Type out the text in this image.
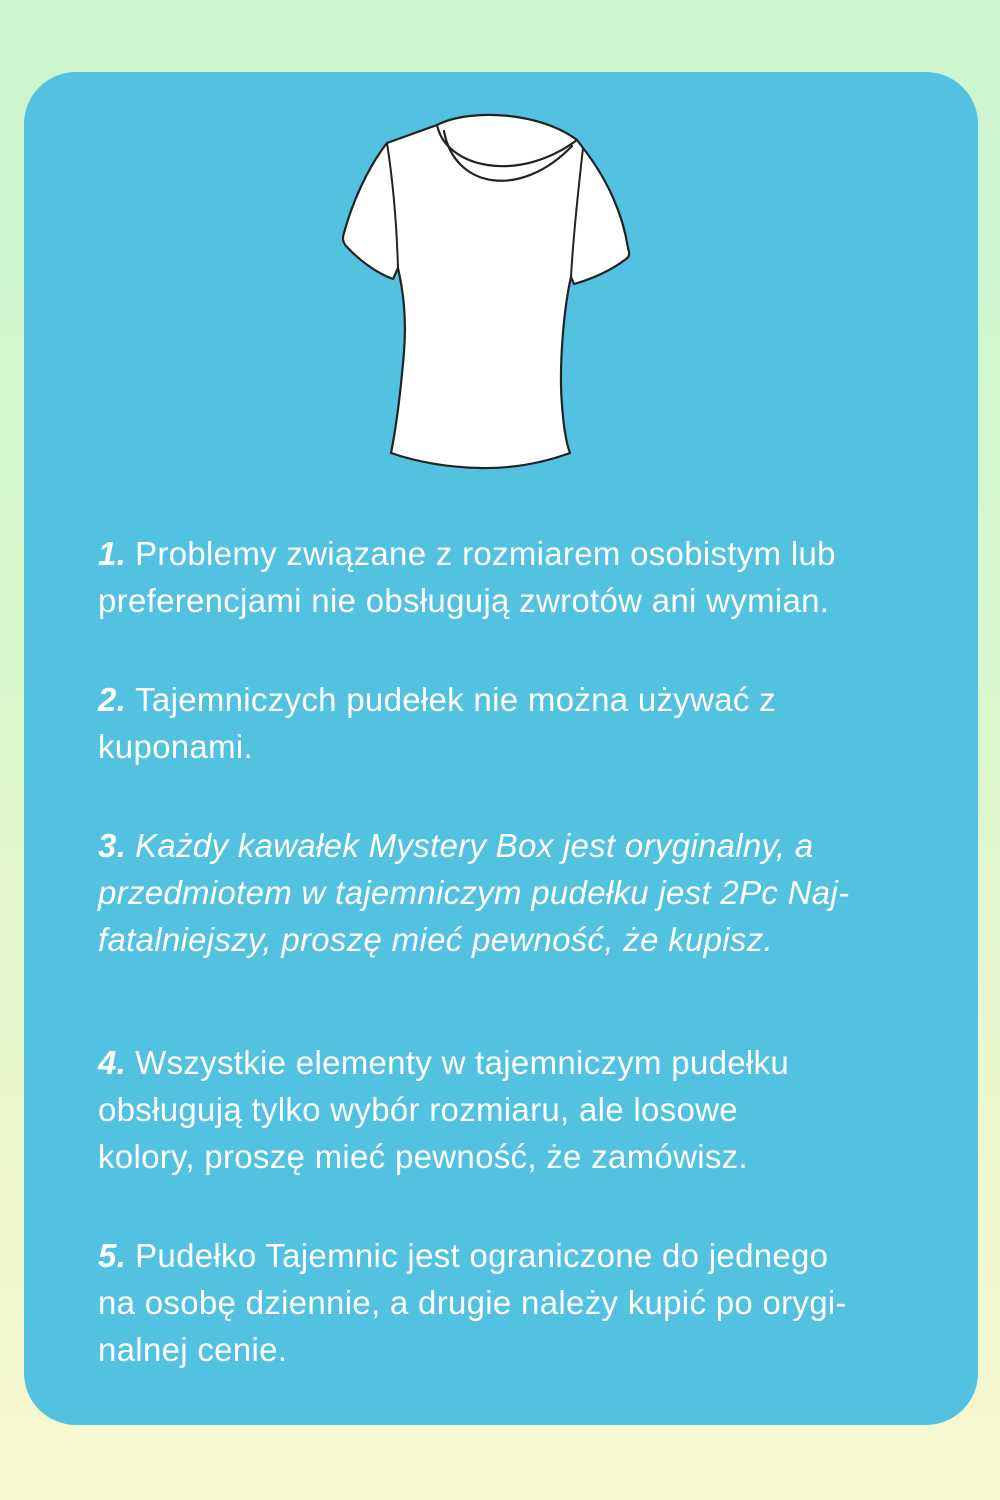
1. Problemy związane z rozmiarem osobistym lub
preferencjami nie obsługują zwrotów ani wymian.
2. Tajemniczych pudełek nie można używać z
kuponami.
3. Każdy kawałek Mystery Box jest oryginalny, a
przedmiotem w tajemniczym pudełku jest 2Pc Naj-
fatalniejszy, proszę mieć pewność, że kupisz.
4. Wszystkie elementy w tajemniczym pudełku
obsługują tylko wybór rozmiaru, ale losowe
kolory, proszę mieć pewność, że zamówisz.
5. Pudełko Tajemnic jest ograniczone do jednego
na osobę dziennie, a drugie należy kupić po orygi-
nalnej cenie.
